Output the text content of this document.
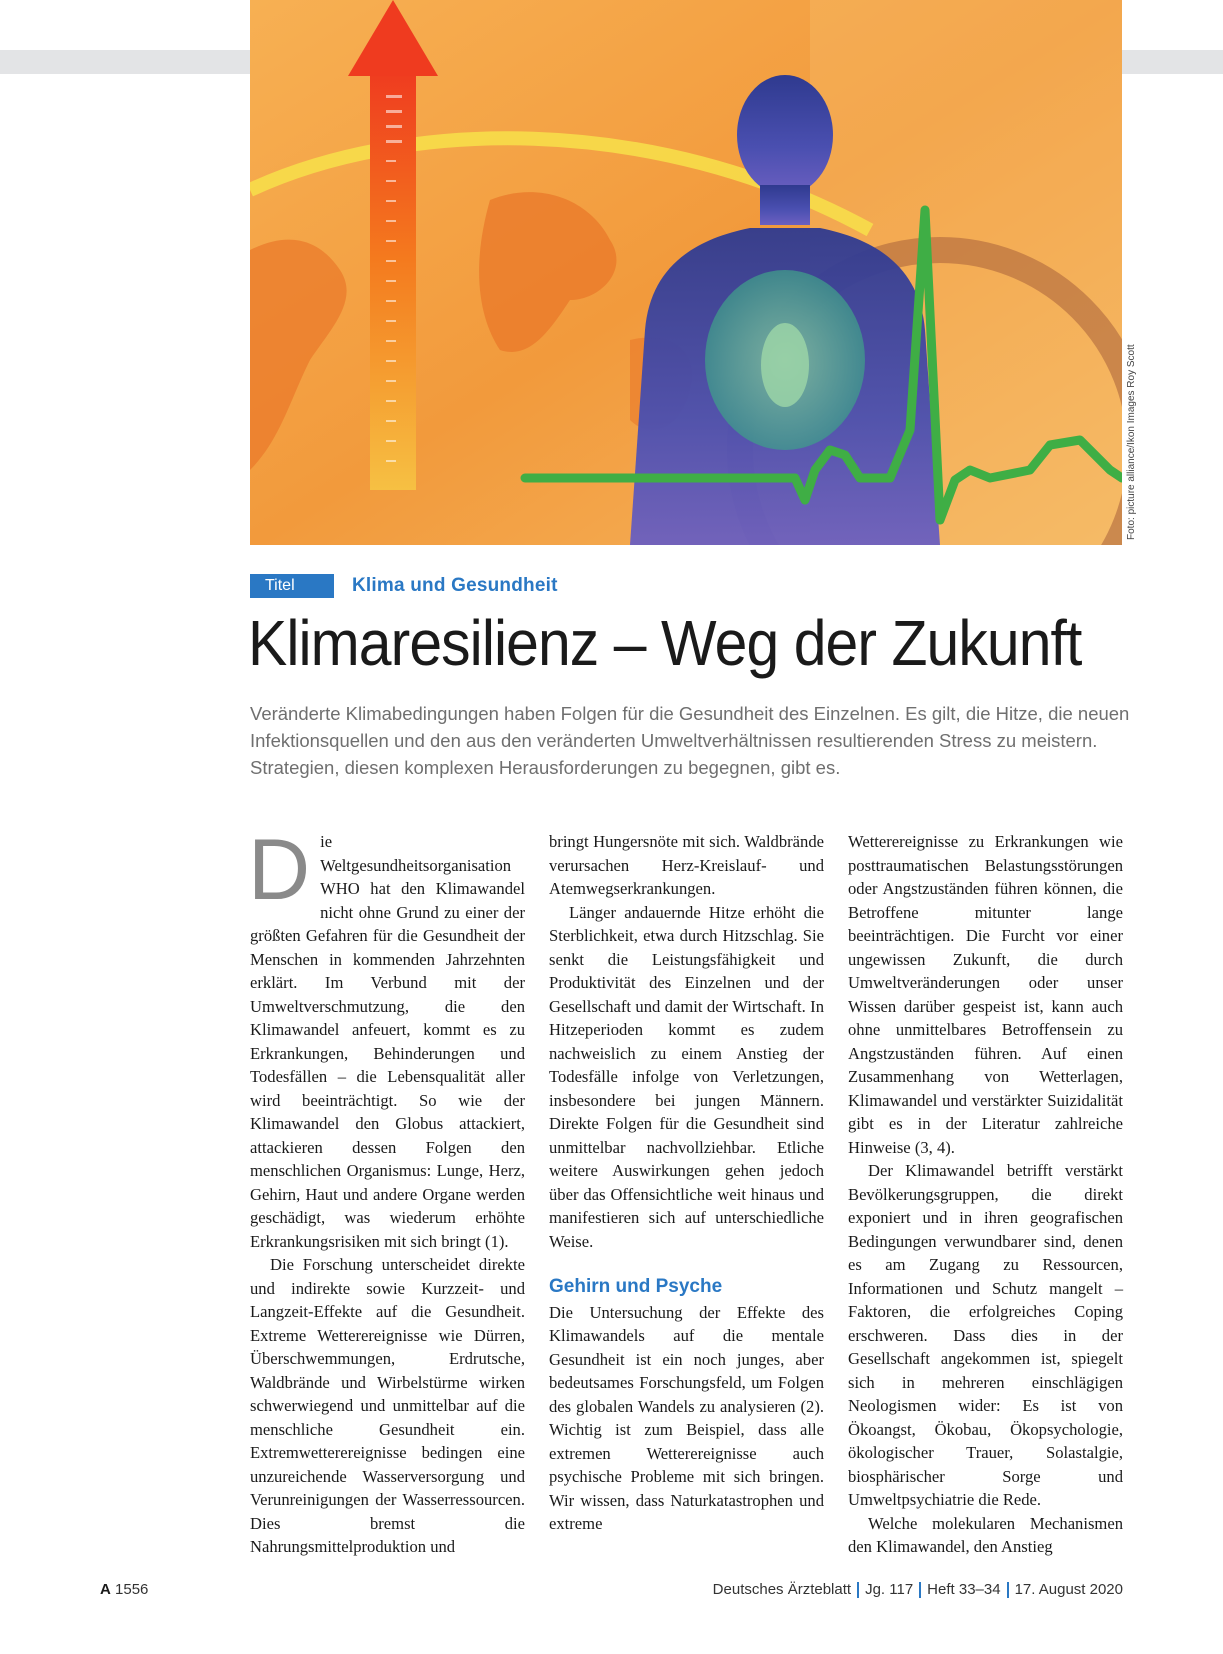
Foto: picture alliance/Ikon Images Roy Scott
Titel	Klima und Gesundheit
Klimaresilienz – Weg der Zukunft

Veränderte Klimabedingungen haben Folgen für die Gesundheit des Einzelnen. Es gilt, die Hitze, die neuen Infektionsquellen und den aus den veränderten Umweltverhältnissen resultierenden Stress zu meistern. Strategien, diesen komplexen Herausforderungen zu begegnen, gibt es.

D ie Weltgesundheitsorganisation WHO hat den Klimawandel nicht ohne Grund zu einer der größten Gefahren für die Gesundheit der Menschen in kommenden Jahrzehnten erklärt. Im Verbund mit der Umweltverschmutzung, die den Klimawandel anfeuert, kommt es zu Erkrankungen, Behinderungen und Todesfällen – die Lebensqualität aller wird beeinträchtigt. So wie der Klimawandel den Globus attackiert, attackieren dessen Folgen den menschlichen Organismus: Lunge, Herz, Gehirn, Haut und andere Organe werden geschädigt, was wiederum erhöhte Erkrankungsrisiken mit sich bringt (1).

Die Forschung unterscheidet direkte und indirekte sowie Kurzzeit- und Langzeit-Effekte auf die Gesundheit. Extreme Wetterereignisse wie Dürren, Überschwemmungen, Erdrutsche, Waldbrände und Wirbelstürme wirken schwerwiegend und unmittelbar auf die menschliche Gesundheit ein. Extremwetterereignisse bedingen eine unzureichende Wasserversorgung und Verunreinigungen der Wasserressourcen. Dies bremst die Nahrungsmittelproduktion und

bringt Hungersnöte mit sich. Waldbrände verursachen Herz-Kreislauf- und Atemwegserkrankungen.

Länger andauernde Hitze erhöht die Sterblichkeit, etwa durch Hitzschlag. Sie senkt die Leistungsfähigkeit und Produktivität des Einzelnen und der Gesellschaft und damit der Wirtschaft. In Hitzeperioden kommt es zudem nachweislich zu einem Anstieg der Todesfälle infolge von Verletzungen, insbesondere bei jungen Männern. Direkte Folgen für die Gesundheit sind unmittelbar nachvollziehbar. Etliche weitere Auswirkungen gehen jedoch über das Offensichtliche weit hinaus und manifestieren sich auf unterschiedliche Weise.

Gehirn und Psyche

Die Untersuchung der Effekte des Klimawandels auf die mentale Gesundheit ist ein noch junges, aber bedeutsames Forschungsfeld, um Folgen des globalen Wandels zu analysieren (2). Wichtig ist zum Beispiel, dass alle extremen Wetterereignisse auch psychische Probleme mit sich bringen. Wir wissen, dass Naturkatastrophen und extreme

Wetterereignisse zu Erkrankungen wie posttraumatischen Belastungsstörungen oder Angstzuständen führen können, die Betroffene mitunter lange beeinträchtigen. Die Furcht vor einer ungewissen Zukunft, die durch Umweltveränderungen oder unser Wissen darüber gespeist ist, kann auch ohne unmittelbares Betroffensein zu Angstzuständen führen. Auf einen Zusammenhang von Wetterlagen, Klimawandel und verstärkter Suizidalität gibt es in der Literatur zahlreiche Hinweise (3, 4).

Der Klimawandel betrifft verstärkt Bevölkerungsgruppen, die direkt exponiert und in ihren geografischen Bedingungen verwundbarer sind, denen es am Zugang zu Ressourcen, Informationen und Schutz mangelt – Faktoren, die erfolgreiches Coping erschweren. Dass dies in der Gesellschaft angekommen ist, spiegelt sich in mehreren einschlägigen Neologismen wider: Es ist von Ökoangst, Ökobau, Ökopsychologie, ökologischer Trauer, Solastalgie, biosphärischer Sorge und Umweltpsychiatrie die Rede.

Welche molekularen Mechanismen den Klimawandel, den Anstieg

A 1556	Deutsches Ärzteblatt Jg. 117 Heft 33–34 17. August 2020
